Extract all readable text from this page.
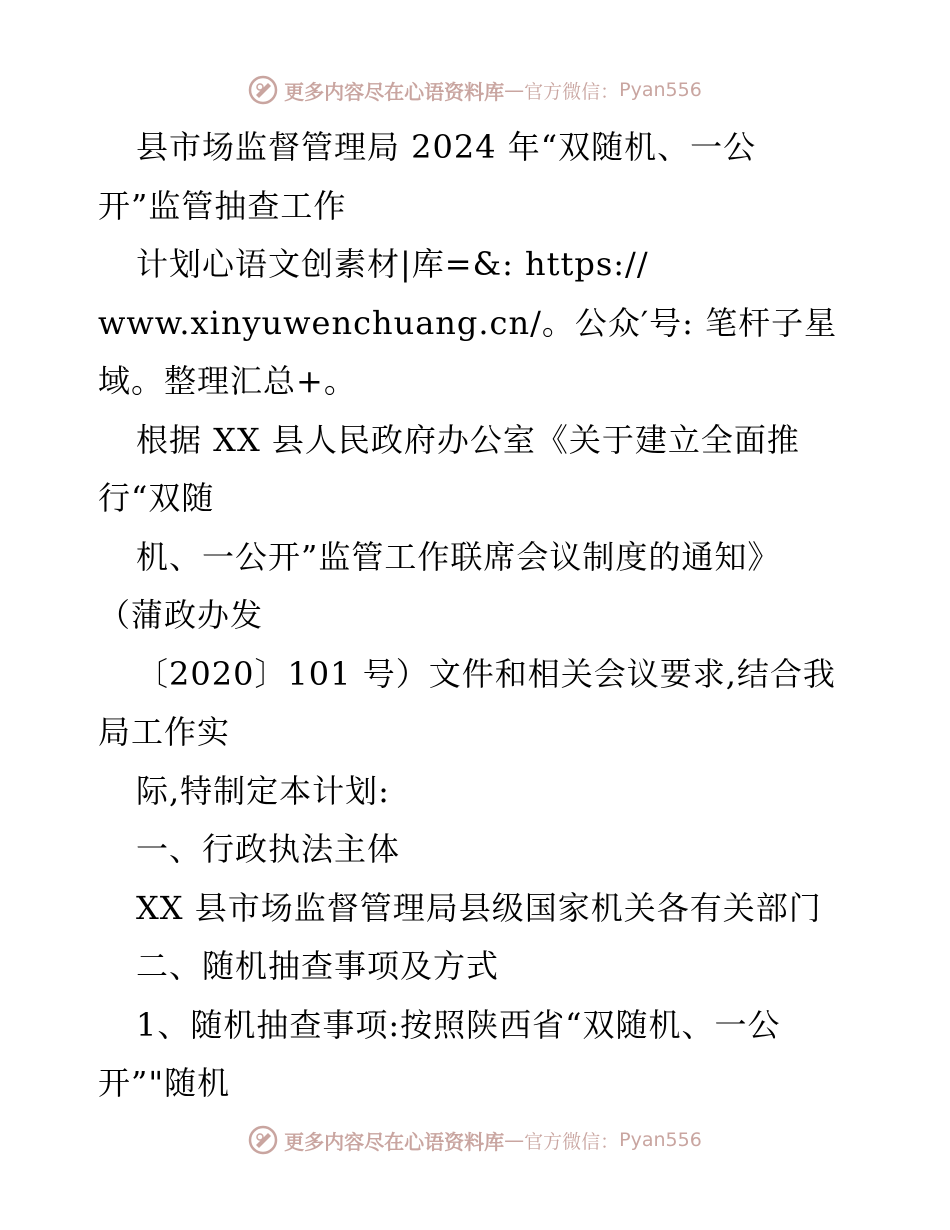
更多内容尽在心语资料库 — 官方微信： Pyan556
县市场监督管理局 2024 年“双随机、一公
开”监管抽查工作
计划心语文创素材|库=&: https://
www.xinyuwenchuang.cn/。公众′号: 笔杆子星
域。整理汇总+。
根据 XX 县人民政府办公室《关于建立全面推
行“双随
机、一公开”监管工作联席会议制度的通知》
（蒲政办发
〔2020〕101 号）文件和相关会议要求,结合我
局工作实
际,特制定本计划:
一、行政执法主体
XX 县市场监督管理局县级国家机关各有关部门
二、随机抽查事项及方式
1、随机抽查事项:按照陕西省“双随机、一公
开”"随机
更多内容尽在心语资料库 — 官方微信： Pyan556
